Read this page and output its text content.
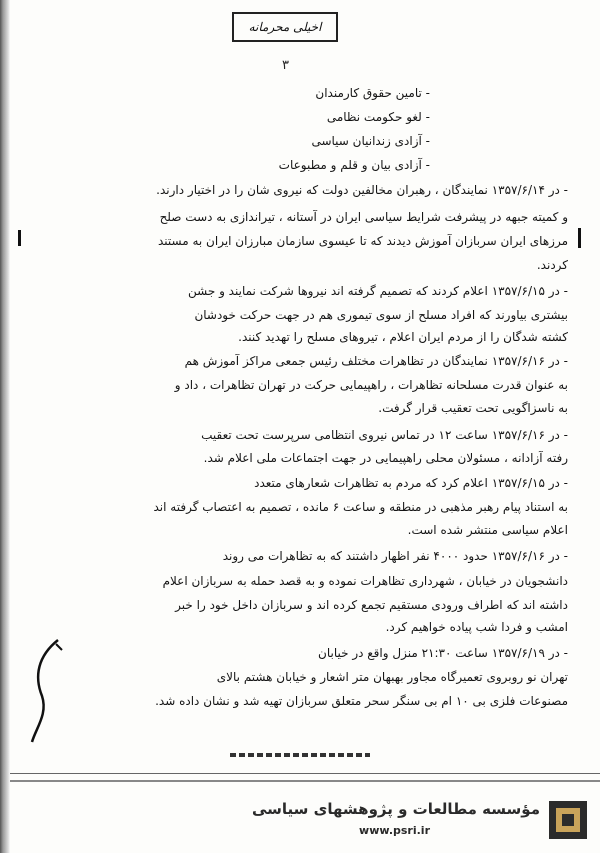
اخیلی محرمانه
۳
- تامین حقوق کارمندان
- لغو حکومت نظامی
- آزادی زندانیان سیاسی
- آزادی بیان و قلم و مطبوعات
- در ۱۳۵۷/۶/۱۴ نمایندگان ، رهبران مخالفین دولت که نیروی شان را در اختیار دارند.
و کمیته جبهه در پیشرفت شرایط سیاسی ایران در آستانه ، تیراندازی به دست صلح
مرزهای ایران سربازان آموزش دیدند که تا عیسوی سازمان مبارزان ایران به مستند
کردند.
- در ۱۳۵۷/۶/۱۵ اعلام کردند که تصمیم گرفته اند نیروها شرکت نمایند و جشن
بیشتری بیاورند که افراد مسلح از سوی تیموری هم در جهت حرکت خودشان
کشته شدگان را از مردم ایران اعلام ، تیروهای مسلح را تهدید کنند.
- در ۱۳۵۷/۶/۱۶ نمایندگان در تظاهرات مختلف رئیس جمعی مراکز آموزش هم
به عنوان قدرت مسلحانه تظاهرات ، راهپیمایی حرکت در تهران تظاهرات ، داد و
به ناسزاگویی تحت تعقیب قرار گرفت.
- در ۱۳۵۷/۶/۱۶ ساعت ۱۲ در تماس نیروی انتظامی سرپرست تحت تعقیب
رفته آزادانه ، مسئولان محلی راهپیمایی در جهت اجتماعات ملی اعلام شد.
- در ۱۳۵۷/۶/۱۵ اعلام کرد که مردم به تظاهرات شعارهای متعدد
به استناد پیام رهبر مذهبی در منطقه و ساعت ۶ مانده ، تصمیم به اعتصاب گرفته اند
اعلام سیاسی منتشر شده است.
- در ۱۳۵۷/۶/۱۶ حدود ۴۰۰۰ نفر اظهار داشتند که به تظاهرات می روند
دانشجویان در خیابان ، شهرداری تظاهرات نموده و به قصد حمله به سربازان اعلام
داشته اند که اطراف ورودی مستقیم تجمع کرده اند و سربازان داخل خود را خبر
امشب و فردا شب پیاده خواهیم کرد.
- در ۱۳۵۷/۶/۱۹ ساعت ۲۱:۳۰ منزل واقع در خیابان
تهران نو روبروی تعمیرگاه مجاور بهبهان متر اشعار و خیابان هشتم بالای
مصنوعات فلزی بی ۱۰ ام بی سنگر سحر متعلق سربازان تهیه شد و نشان داده شد.
مؤسسه مطالعات و پژوهشهای سیاسی
www.psri.ir
